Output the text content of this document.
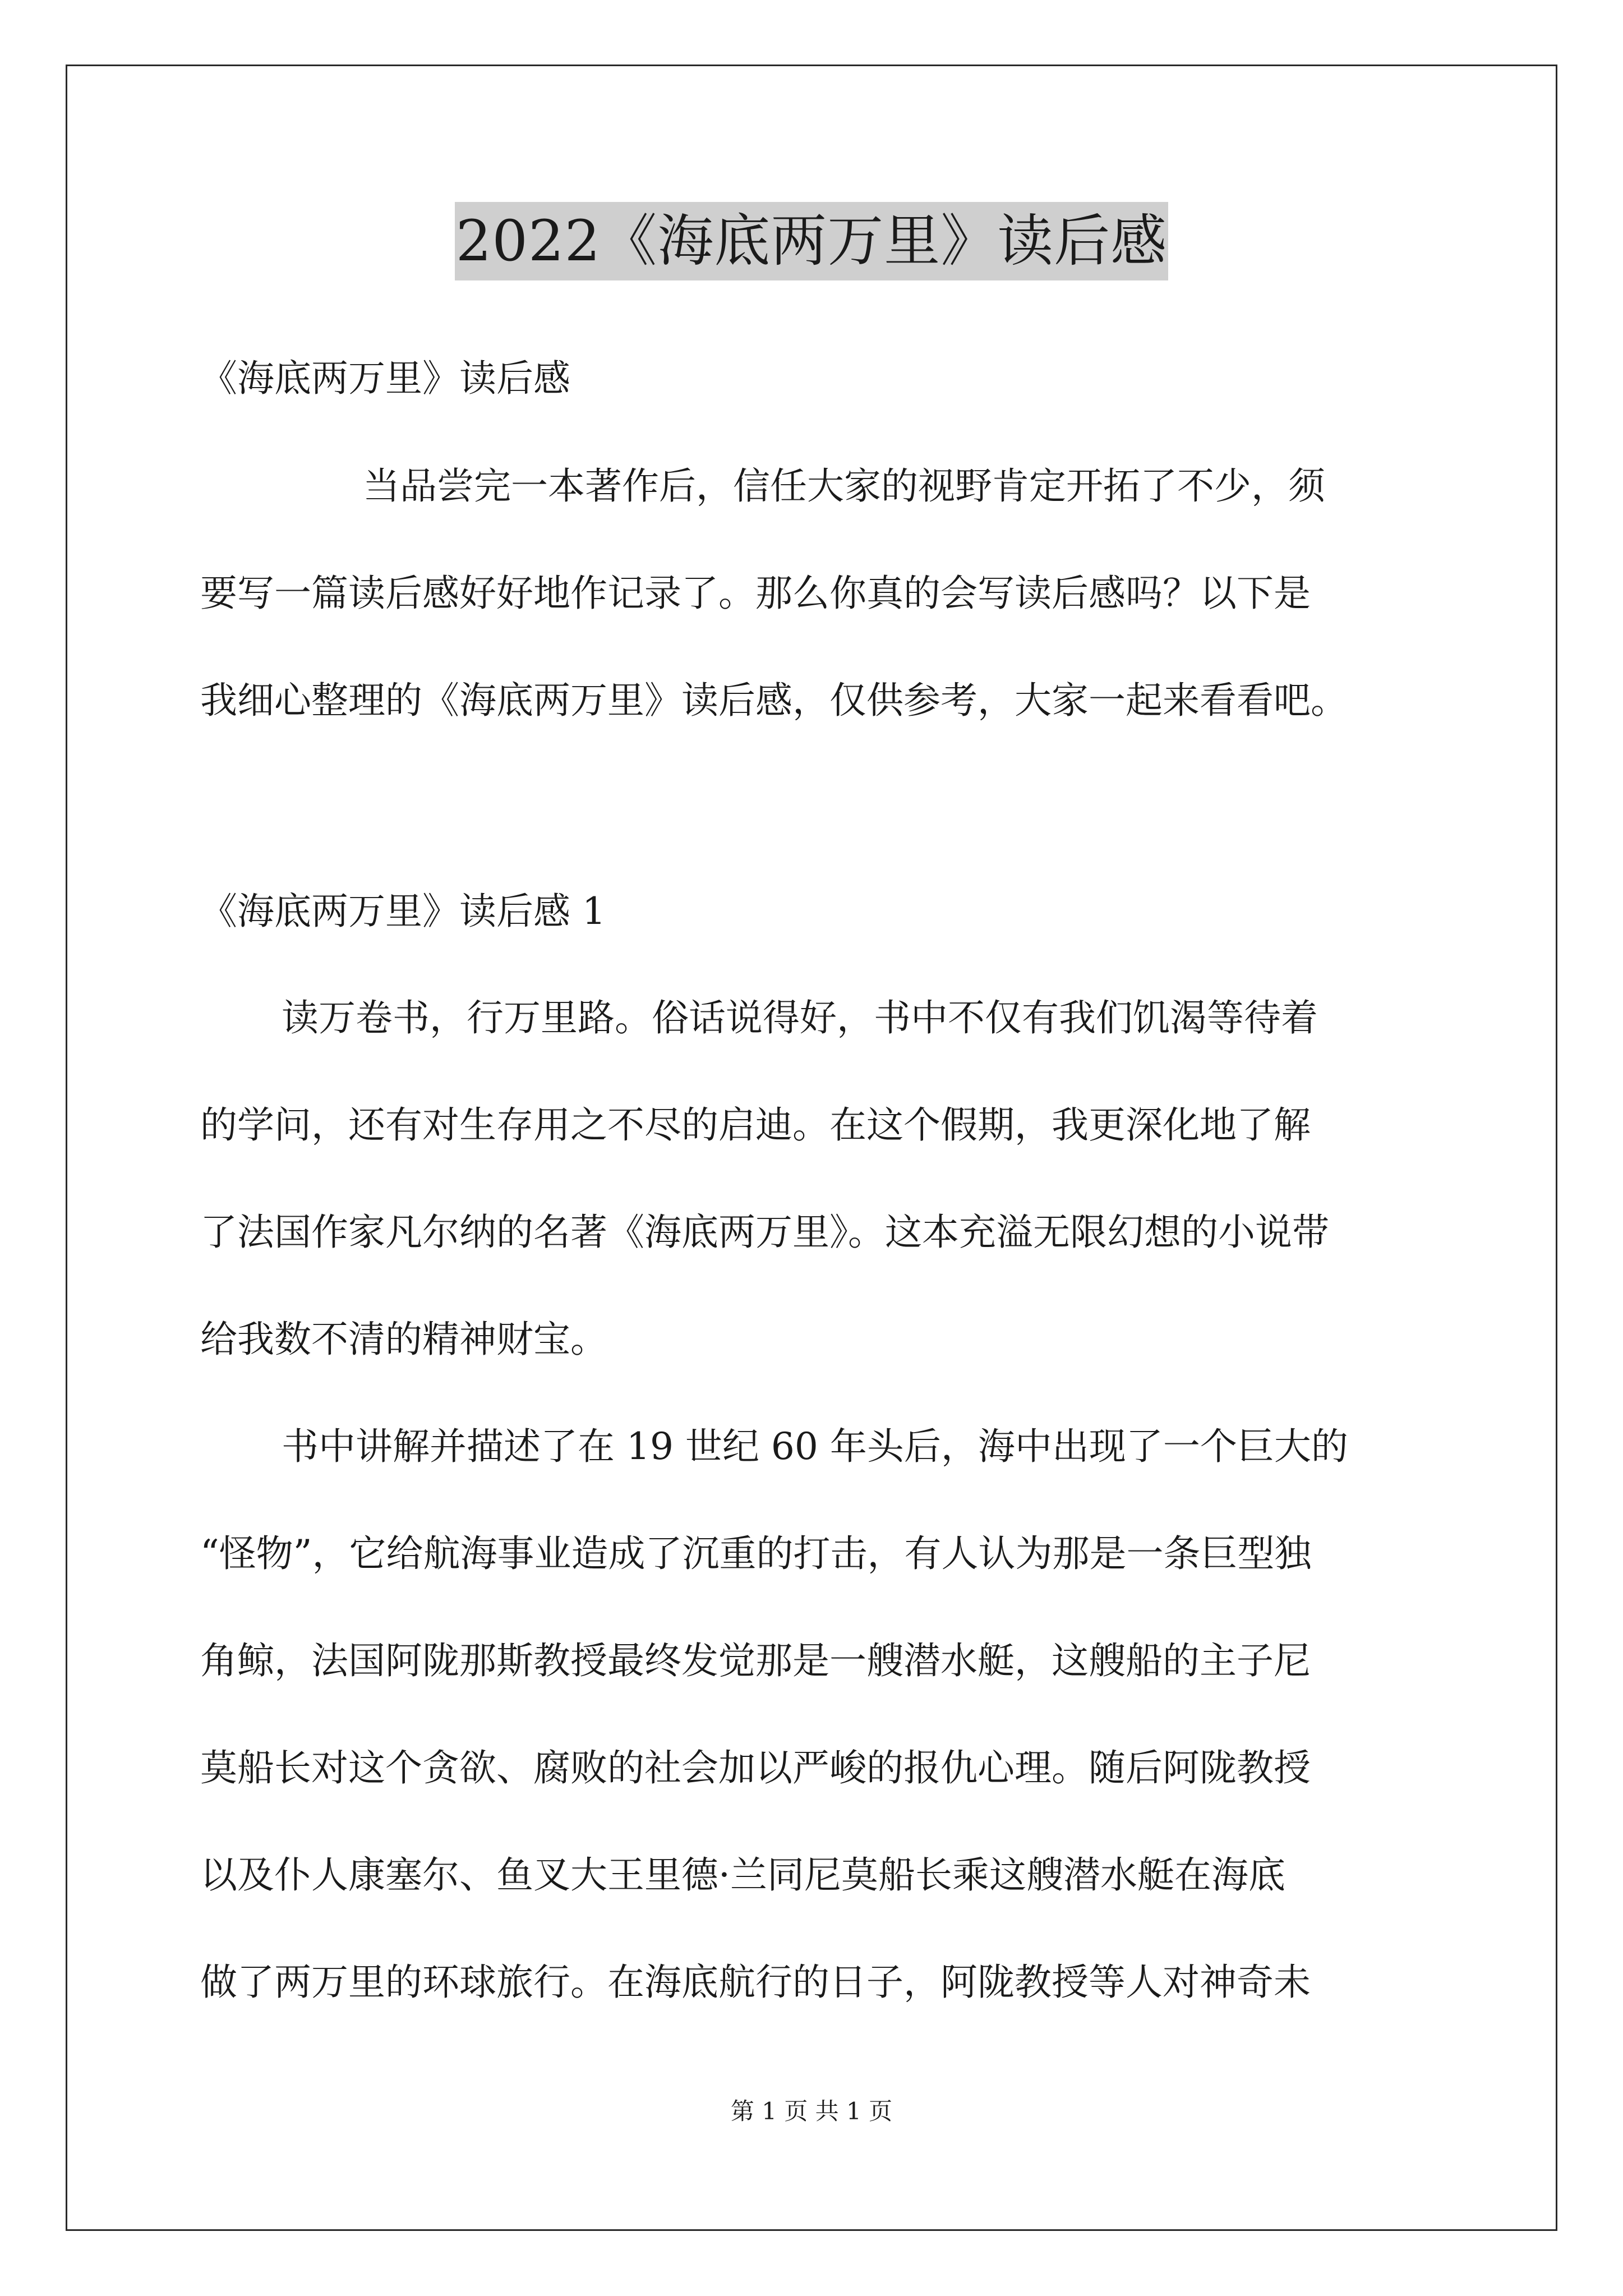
2022《海底两万里》读后感
《海底两万里》读后感
当品尝完一本著作后，信任大家的视野肯定开拓了不少，须
要写一篇读后感好好地作记录了。那么你真的会写读后感吗？以下是
我细心整理的《海底两万里》读后感，仅供参考，大家一起来看看吧。
《海底两万里》读后感 1
读万卷书，行万里路。俗话说得好，书中不仅有我们饥渴等待着
的学问，还有对生存用之不尽的启迪。在这个假期，我更深化地了解
了法国作家凡尔纳的名著《海底两万里》。这本充溢无限幻想的小说带
给我数不清的精神财宝。
书中讲解并描述了在 19 世纪 60 年头后，海中出现了一个巨大的
“怪物”，它给航海事业造成了沉重的打击，有人认为那是一条巨型独
角鲸，法国阿陇那斯教授最终发觉那是一艘潜水艇，这艘船的主子尼
莫船长对这个贪欲、腐败的社会加以严峻的报仇心理。随后阿陇教授
以及仆人康塞尔、鱼叉大王里德·兰同尼莫船长乘这艘潜水艇在海底
做了两万里的环球旅行。在海底航行的日子，阿陇教授等人对神奇未
第 1 页 共 1 页
